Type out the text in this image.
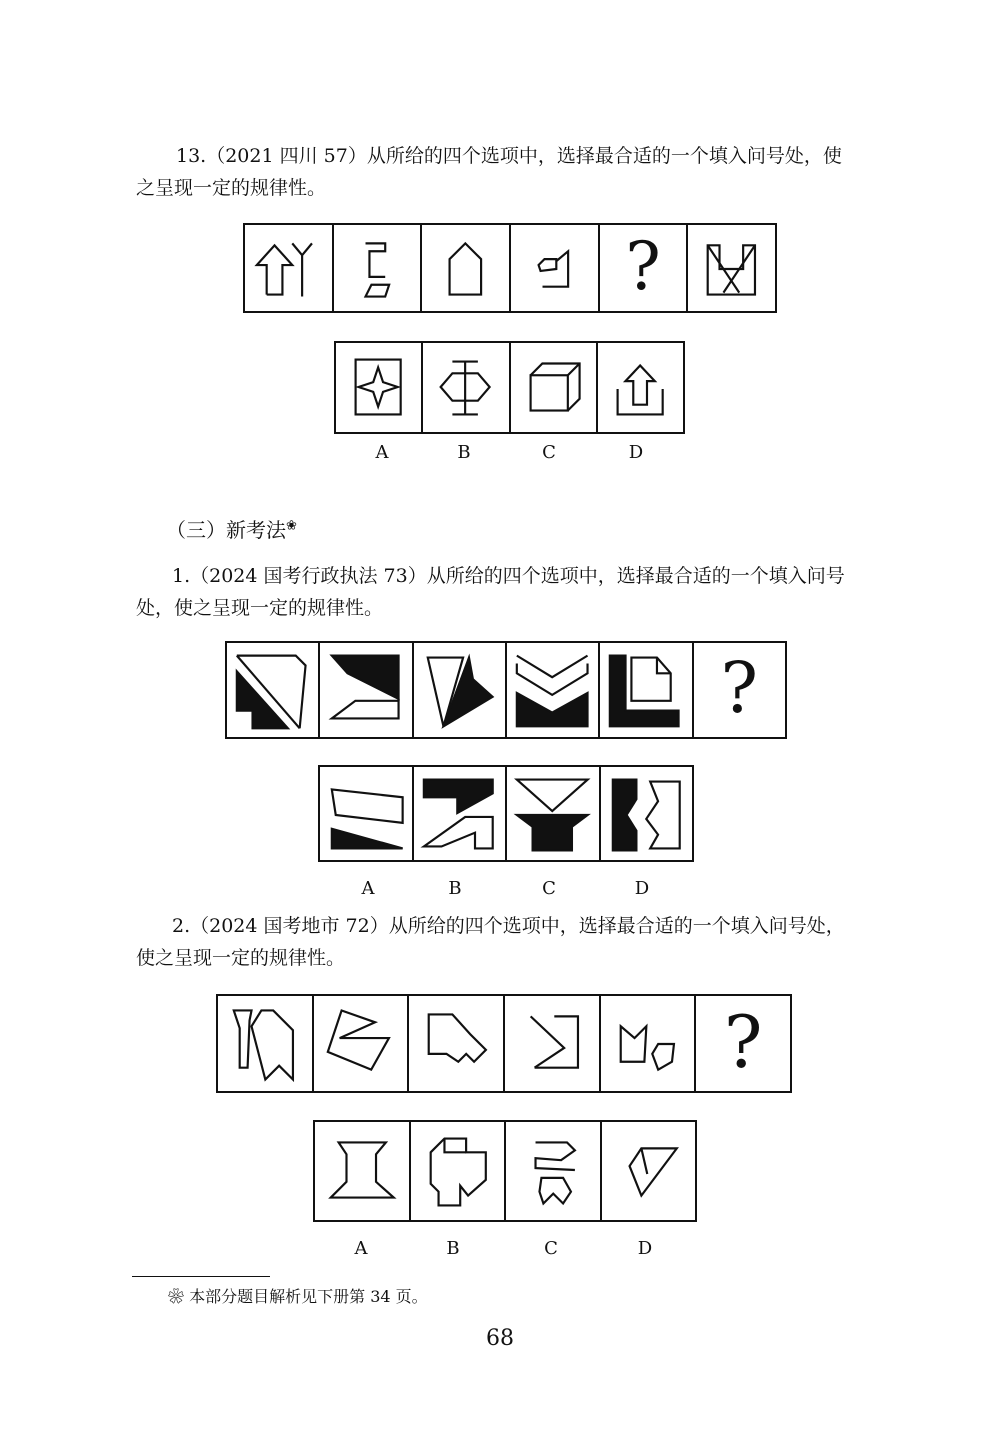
13.（2021 四川 57）从所给的四个选项中，选择最合适的一个填入问号处，使
之呈现一定的规律性。
?
A	B	C	D
（三）新考法❀
1.（2024 国考行政执法 73）从所给的四个选项中，选择最合适的一个填入问号
处，使之呈现一定的规律性。
?
A	B	C	D
2.（2024 国考地市 72）从所给的四个选项中，选择最合适的一个填入问号处，
使之呈现一定的规律性。
?
A	B	C	D
❀ 本部分题目解析见下册第 34 页。
68
